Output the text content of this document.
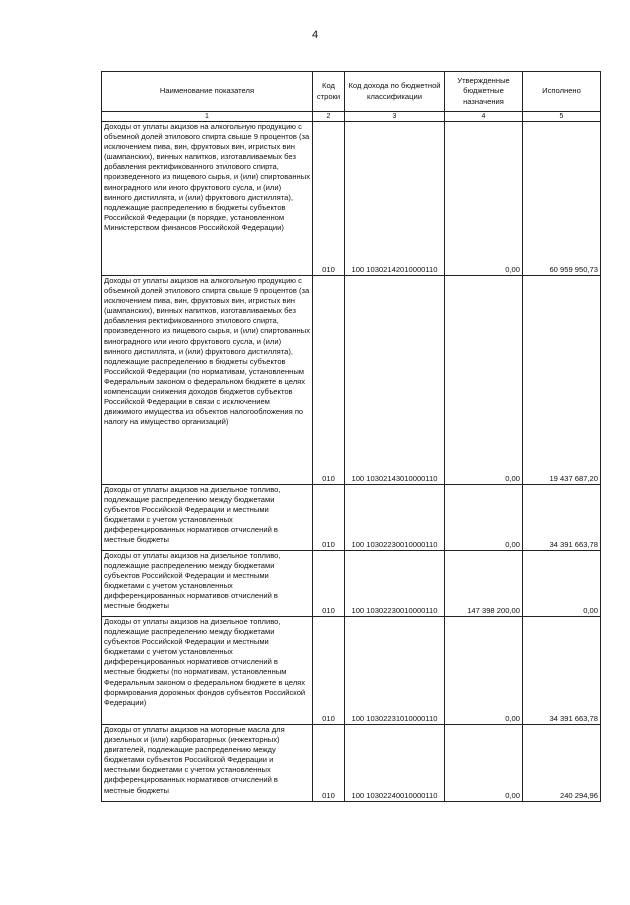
4
Наименование показателя	Код строки	Код дохода по бюджетной классификации	Утвержденные бюджетные назначения	Исполнено
1	2	3	4	5
Доходы от уплаты акцизов на алкогольную продукцию с объемной долей этилового спирта свыше 9 процентов (за исключением пива, вин, фруктовых вин, игристых вин (шампанских), винных напитков, изготавливаемых без добавления ректификованного этилового спирта, произведенного из пищевого сырья, и (или) спиртованных виноградного или иного фруктового сусла, и (или) винного дистиллята, и (или) фруктового дистиллята), подлежащие распределению в бюджеты субъектов Российской Федерации (в порядке, установленном Министерством финансов Российской Федерации)	010	100 10302142010000110	0,00	60 959 950,73
Доходы от уплаты акцизов на алкогольную продукцию с объемной долей этилового спирта свыше 9 процентов (за исключением пива, вин, фруктовых вин, игристых вин (шампанских), винных напитков, изготавливаемых без добавления ректификованного этилового спирта, произведенного из пищевого сырья, и (или) спиртованных виноградного или иного фруктового сусла, и (или) винного дистиллята, и (или) фруктового дистиллята), подлежащие распределению в бюджеты субъектов Российской Федерации (по нормативам, установленным Федеральным законом о федеральном бюджете в целях компенсации снижения доходов бюджетов субъектов Российской Федерации в связи с исключением движимого имущества из объектов налогообложения по налогу на имущество организаций)	010	100 10302143010000110	0,00	19 437 687,20
Доходы от уплаты акцизов на дизельное топливо, подлежащие распределению между бюджетами субъектов Российской Федерации и местными бюджетами с учетом установленных дифференцированных нормативов отчислений в местные бюджеты	010	100 10302230010000110	0,00	34 391 663,78
Доходы от уплаты акцизов на дизельное топливо, подлежащие распределению между бюджетами субъектов Российской Федерации и местными бюджетами с учетом установленных дифференцированных нормативов отчислений в местные бюджеты	010	100 10302230010000110	147 398 200,00	0,00
Доходы от уплаты акцизов на дизельное топливо, подлежащие распределению между бюджетами субъектов Российской Федерации и местными бюджетами с учетом установленных дифференцированных нормативов отчислений в местные бюджеты (по нормативам, установленным Федеральным законом о федеральном бюджете в целях формирования дорожных фондов субъектов Российской Федерации)	010	100 10302231010000110	0,00	34 391 663,78
Доходы от уплаты акцизов на моторные масла для дизельных и (или) карбюраторных (инжекторных) двигателей, подлежащие распределению между бюджетами субъектов Российской Федерации и местными бюджетами с учетом установленных дифференцированных нормативов отчислений в местные бюджеты	010	100 10302240010000110	0,00	240 294,96
